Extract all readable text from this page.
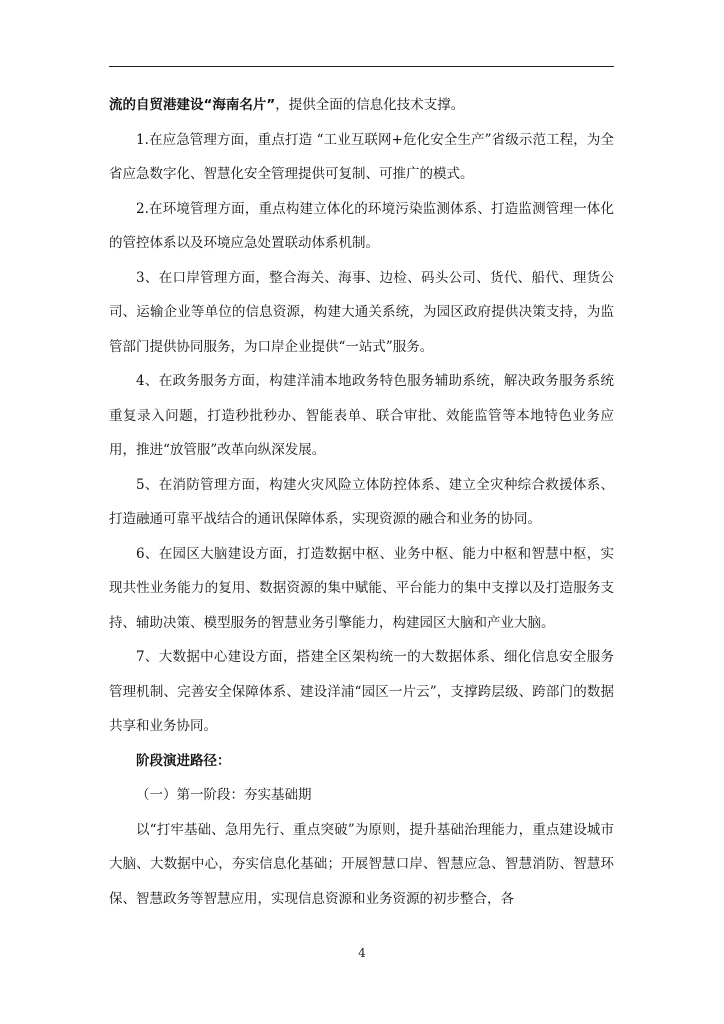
流的自贸港建设“海南名片”，提供全面的信息化技术支撑。

1.在应急管理方面，重点打造 “工业互联网+危化安全生产”省级示范工程，为全省应急数字化、智慧化安全管理提供可复制、可推广的模式。

2.在环境管理方面，重点构建立体化的环境污染监测体系、打造监测管理一体化的管控体系以及环境应急处置联动体系机制。

3、在口岸管理方面，整合海关、海事、边检、码头公司、货代、船代、理货公司、运输企业等单位的信息资源，构建大通关系统，为园区政府提供决策支持，为监管部门提供协同服务，为口岸企业提供“一站式”服务。

4、在政务服务方面，构建洋浦本地政务特色服务辅助系统，解决政务服务系统重复录入问题，打造秒批秒办、智能表单、联合审批、效能监管等本地特色业务应用，推进“放管服”改革向纵深发展。

5、在消防管理方面，构建火灾风险立体防控体系、建立全灾种综合救援体系、打造融通可靠平战结合的通讯保障体系，实现资源的融合和业务的协同。

6、在园区大脑建设方面，打造数据中枢、业务中枢、能力中枢和智慧中枢，实现共性业务能力的复用、数据资源的集中赋能、平台能力的集中支撑以及打造服务支持、辅助决策、模型服务的智慧业务引擎能力，构建园区大脑和产业大脑。

7、大数据中心建设方面，搭建全区架构统一的大数据体系、细化信息安全服务管理机制、完善安全保障体系、建设洋浦“园区一片云”，支撑跨层级、跨部门的数据共享和业务协同。

阶段演进路径：

（一）第一阶段：夯实基础期

以“打牢基础、急用先行、重点突破”为原则，提升基础治理能力，重点建设城市大脑、大数据中心，夯实信息化基础；开展智慧口岸、智慧应急、智慧消防、智慧环保、智慧政务等智慧应用，实现信息资源和业务资源的初步整合，各

4
